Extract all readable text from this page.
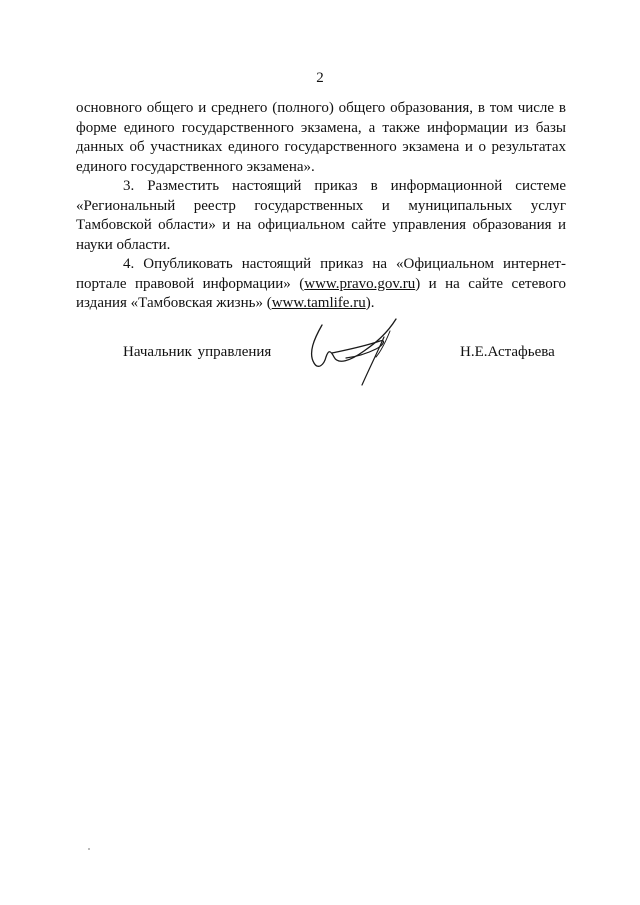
2

основного общего и среднего (полного) общего образования, в том числе в форме единого государственного экзамена, а также информации из базы данных об участниках единого государственного экзамена и о результатах единого государственного экзамена».

3. Разместить настоящий приказ в информационной системе «Региональный реестр государственных и муниципальных услуг Тамбовской области» и на официальном сайте управления образования и науки области.

4. Опубликовать настоящий приказ на «Официальном интернет-портале правовой информации» (www.pravo.gov.ru) и на сайте сетевого издания «Тамбовская жизнь» (www.tamlife.ru).

Начальник управления	Н.Е.Астафьева
